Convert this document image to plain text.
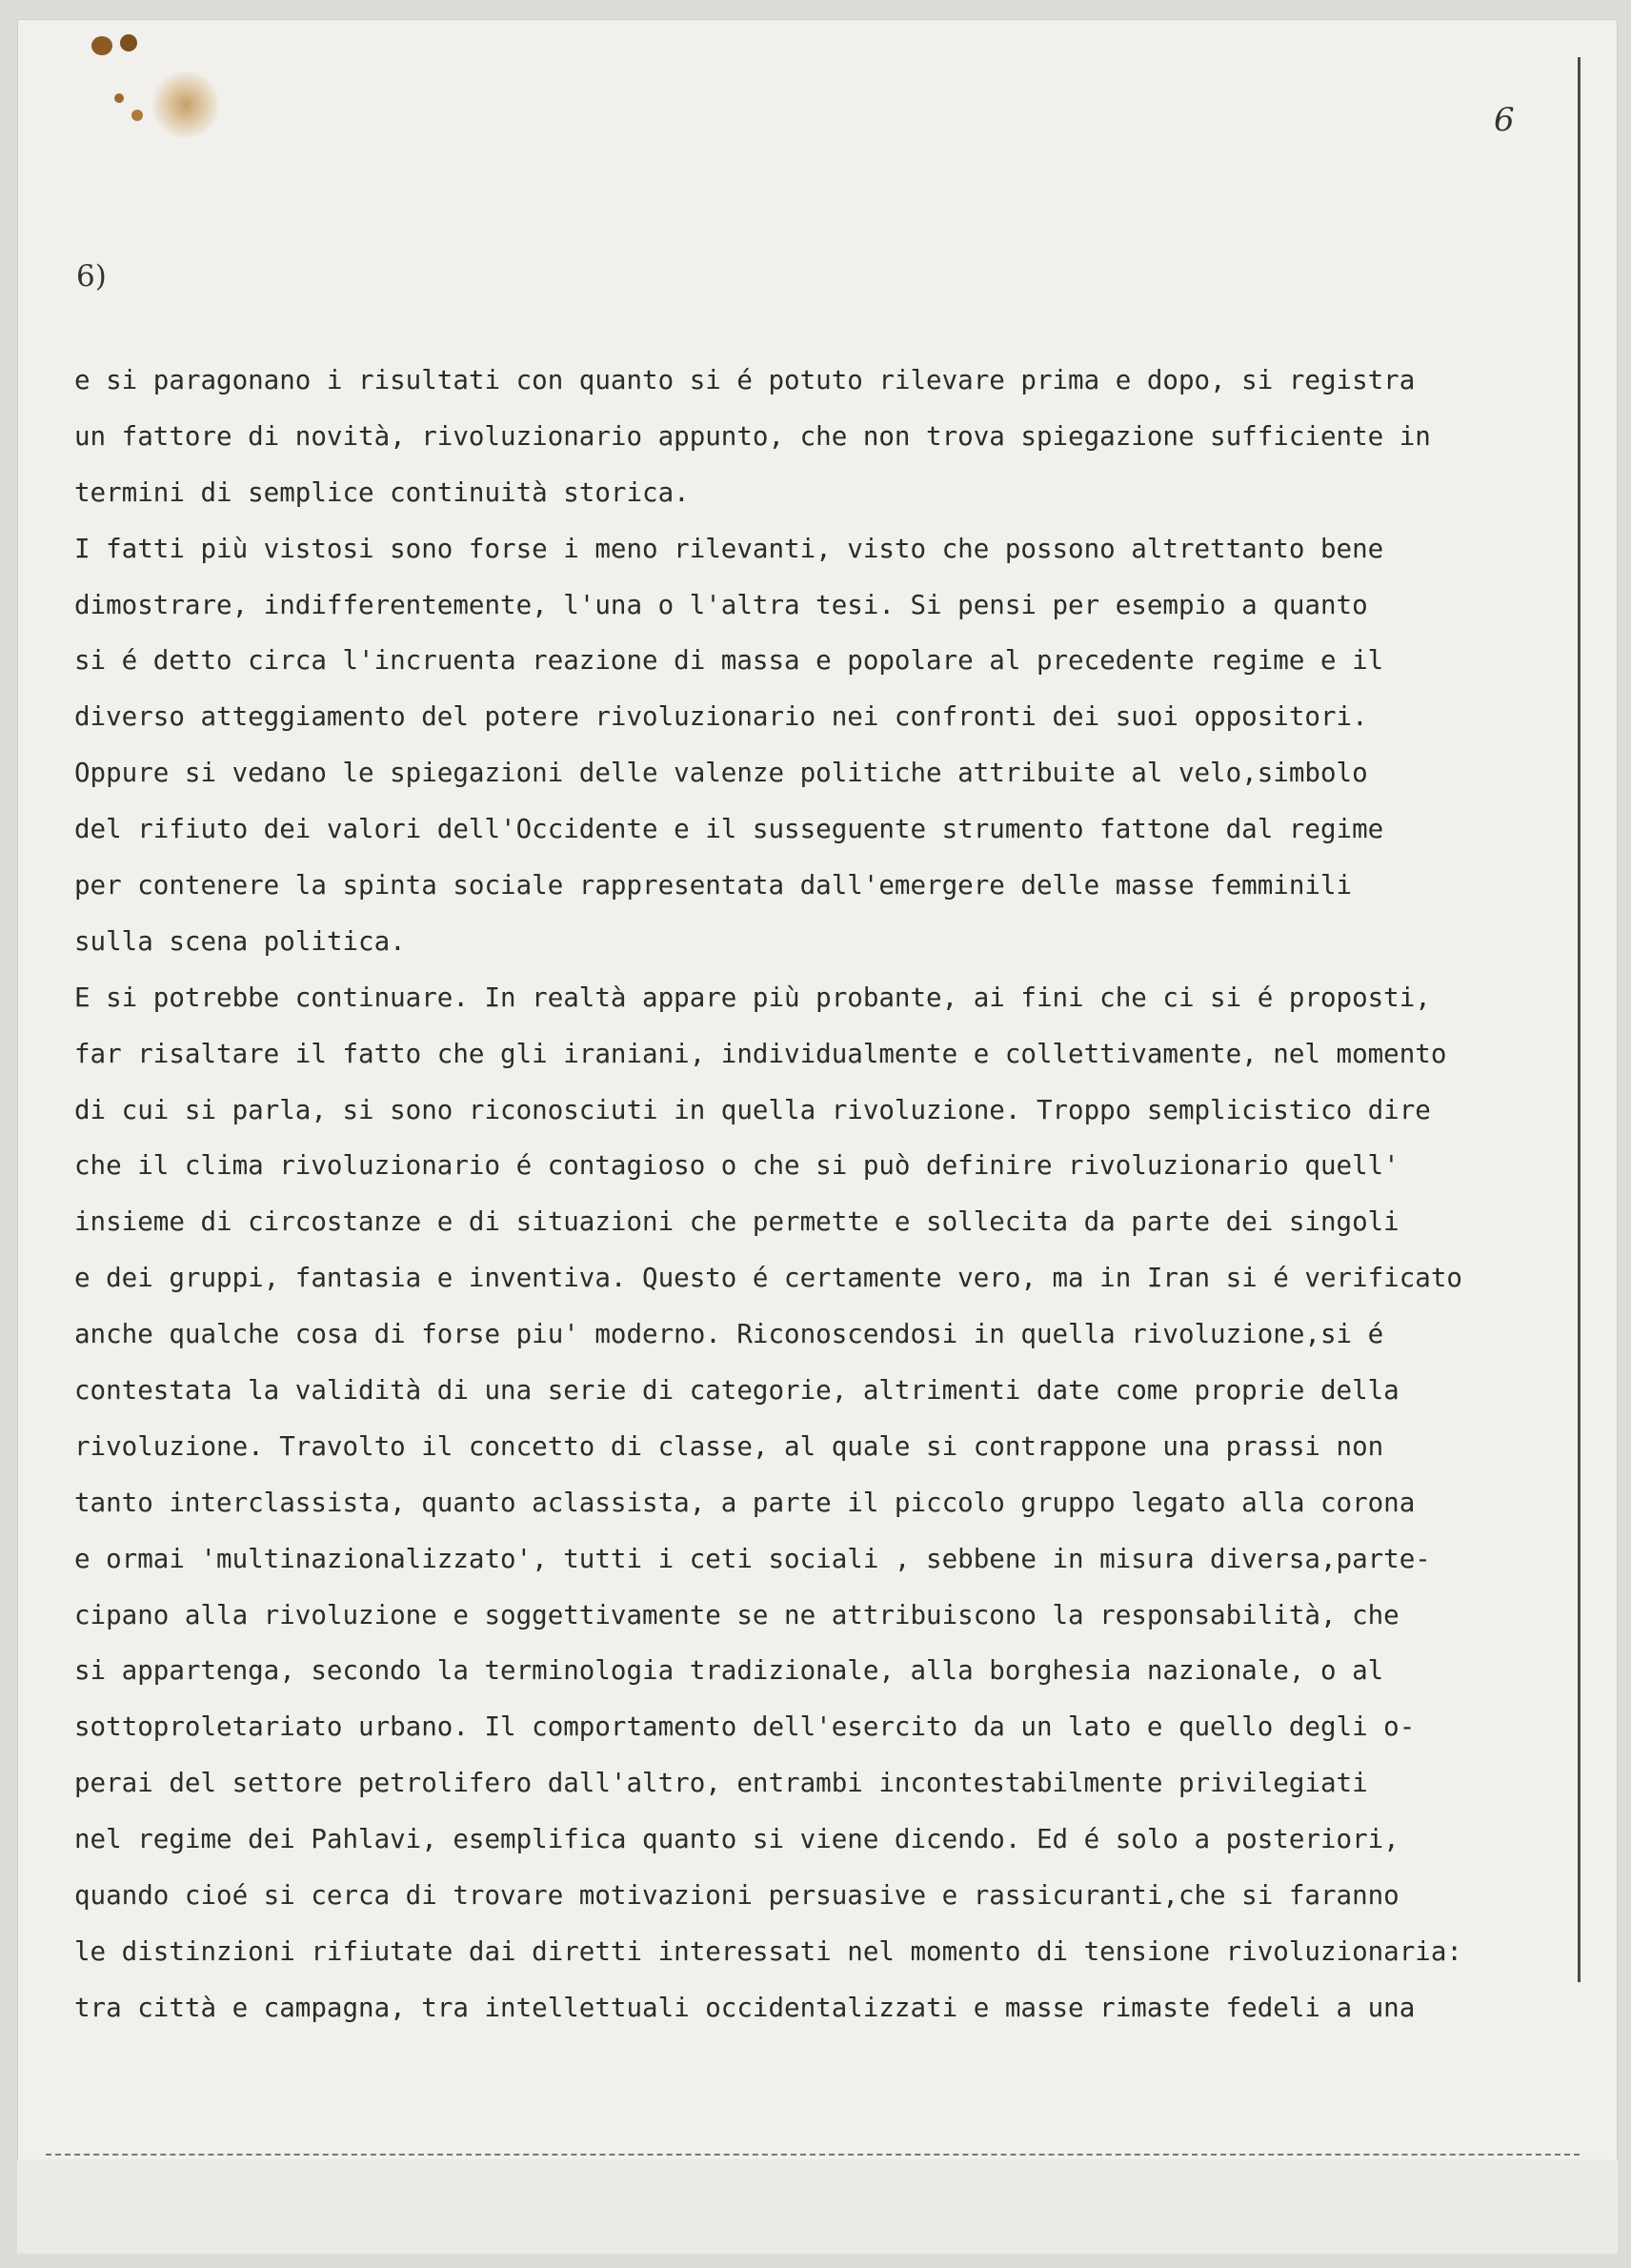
6
6)
e si paragonano i risultati con quanto si é potuto rilevare prima e dopo, si registra
un fattore di novità, rivoluzionario appunto, che non trova spiegazione sufficiente in
termini di semplice continuità storica.
I fatti più vistosi sono forse i meno rilevanti, visto che possono altrettanto bene
dimostrare, indifferentemente, l'una o l'altra tesi. Si pensi per esempio a quanto
si é detto circa l'incruenta reazione di massa e popolare al precedente regime e il
diverso atteggiamento del potere rivoluzionario nei confronti dei suoi oppositori.
Oppure si vedano le spiegazioni delle valenze politiche attribuite al velo,simbolo
del rifiuto dei valori dell'Occidente e il susseguente strumento fattone dal regime
per contenere la spinta sociale rappresentata dall'emergere delle masse femminili
sulla scena politica.
E si potrebbe continuare. In realtà appare più probante, ai fini che ci si é proposti,
far risaltare il fatto che gli iraniani, individualmente e collettivamente, nel momento
di cui si parla, si sono riconosciuti in quella rivoluzione. Troppo semplicistico dire
che il clima rivoluzionario é contagioso o che si può definire rivoluzionario quell'
insieme di circostanze e di situazioni che permette e sollecita da parte dei singoli
e dei gruppi, fantasia e inventiva. Questo é certamente vero, ma in Iran si é verificato
anche qualche cosa di forse piu' moderno. Riconoscendosi in quella rivoluzione,si é
contestata la validità di una serie di categorie, altrimenti date come proprie della
rivoluzione. Travolto il concetto di classe, al quale si contrappone una prassi non
tanto interclassista, quanto aclassista, a parte il piccolo gruppo legato alla corona
e ormai 'multinazionalizzato', tutti i ceti sociali , sebbene in misura diversa,parte-
cipano alla rivoluzione e soggettivamente se ne attribuiscono la responsabilità, che
si appartenga, secondo la terminologia tradizionale, alla borghesia nazionale, o al
sottoproletariato urbano. Il comportamento dell'esercito da un lato e quello degli o-
perai del settore petrolifero dall'altro, entrambi incontestabilmente privilegiati
nel regime dei Pahlavi, esemplifica quanto si viene dicendo. Ed é solo a posteriori,
quando cioé si cerca di trovare motivazioni persuasive e rassicuranti,che si faranno
le distinzioni rifiutate dai diretti interessati nel momento di tensione rivoluzionaria:
tra città e campagna, tra intellettuali occidentalizzati e masse rimaste fedeli a una
